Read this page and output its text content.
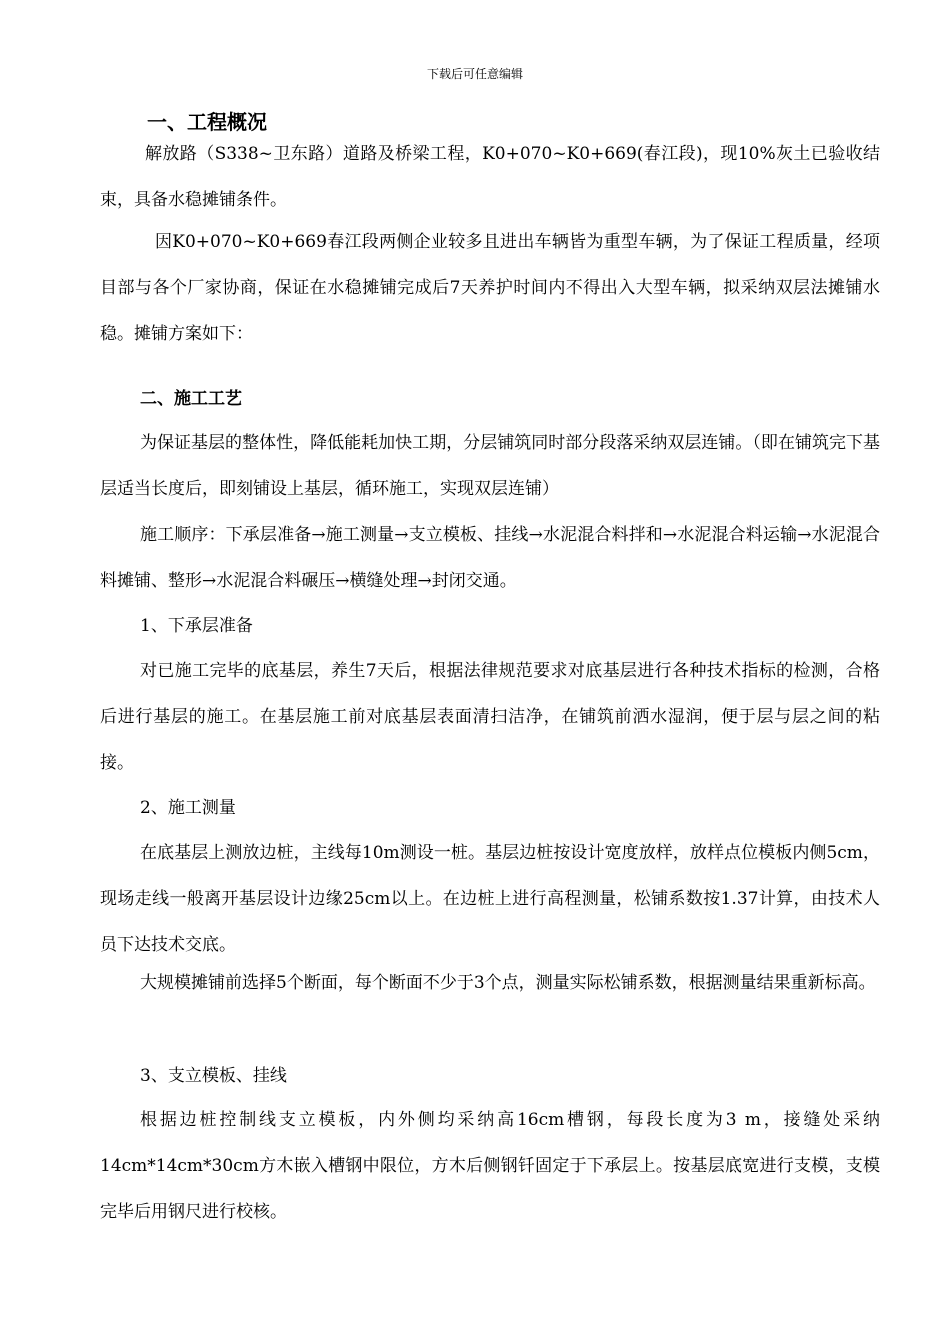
下载后可任意编辑
一、工程概况

解放路（S338~卫东路）道路及桥梁工程，K0+070~K0+669(春江段)，现10%灰土已验收结束，具备水稳摊铺条件。

因K0+070~K0+669春江段两侧企业较多且进出车辆皆为重型车辆，为了保证工程质量，经项目部与各个厂家协商，保证在水稳摊铺完成后7天养护时间内不得出入大型车辆，拟采纳双层法摊铺水稳。摊铺方案如下：

二、施工工艺

为保证基层的整体性，降低能耗加快工期，分层铺筑同时部分段落采纳双层连铺。（即在铺筑完下基层适当长度后，即刻铺设上基层，循环施工，实现双层连铺）

施工顺序：下承层准备→施工测量→支立模板、挂线→水泥混合料拌和→水泥混合料运输→水泥混合料摊铺、整形→水泥混合料碾压→横缝处理→封闭交通。

1、下承层准备

对已施工完毕的底基层，养生7天后，根据法律规范要求对底基层进行各种技术指标的检测，合格后进行基层的施工。在基层施工前对底基层表面清扫洁净，在铺筑前洒水湿润，便于层与层之间的粘接。

2、施工测量

在底基层上测放边桩，主线每10m测设一桩。基层边桩按设计宽度放样，放样点位模板内侧5cm，现场走线一般离开基层设计边缘25cm以上。在边桩上进行高程测量，松铺系数按1.37计算，由技术人员下达技术交底。

大规模摊铺前选择5个断面，每个断面不少于3个点，测量实际松铺系数，根据测量结果重新标高。

3、支立模板、挂线

根据边桩控制线支立模板，内外侧均采纳高16cm槽钢，每段长度为3 m，接缝处采纳14cm*14cm*30cm方木嵌入槽钢中限位，方木后侧钢钎固定于下承层上。按基层底宽进行支模，支模完毕后用钢尺进行校核。
